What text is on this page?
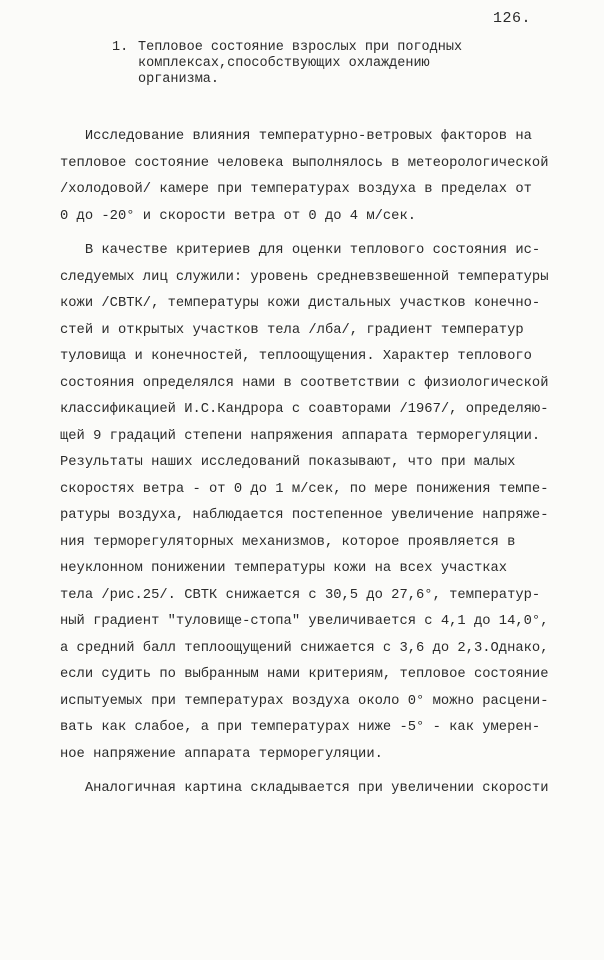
126.
1. Тепловое состояние взрослых при погодных
комплексах,способствующих охлаждению
организма.
Исследование влияния температурно-ветровых факторов на
тепловое состояние человека выполнялось в метеорологической
/холодовой/ камере при температурах воздуха в пределах от
0 до -20° и скорости ветра от 0 до 4 м/сек.
В качестве критериев для оценки теплового состояния ис-
следуемых лиц служили: уровень средневзвешенной температуры
кожи /СВТК/, температуры кожи дистальных участков конечно-
стей и открытых участков тела /лба/, градиент температур
туловища и конечностей, теплоощущения. Характер теплового
состояния определялся нами в соответствии с физиологической
классификацией И.С.Кандрора с соавторами /1967/, определяю-
щей 9 градаций степени напряжения аппарата терморегуляции.
Результаты наших исследований показывают, что при малых
скоростях ветра - от 0 до 1 м/сек, по мере понижения темпе-
ратуры воздуха, наблюдается постепенное увеличение напряже-
ния терморегуляторных механизмов, которое проявляется в
неуклонном понижении температуры кожи на всех участках
тела /рис.25/. СВТК снижается с 30,5 до 27,6°, температур-
ный градиент "туловище-стопа" увеличивается с 4,1 до 14,0°,
а средний балл теплоощущений снижается с 3,6 до 2,3.Однако,
если судить по выбранным нами критериям, тепловое состояние
испытуемых при температурах воздуха около 0° можно расцени-
вать как слабое, а при температурах ниже -5° - как умерен-
ное напряжение аппарата терморегуляции.
Аналогичная картина складывается при увеличении скорости
